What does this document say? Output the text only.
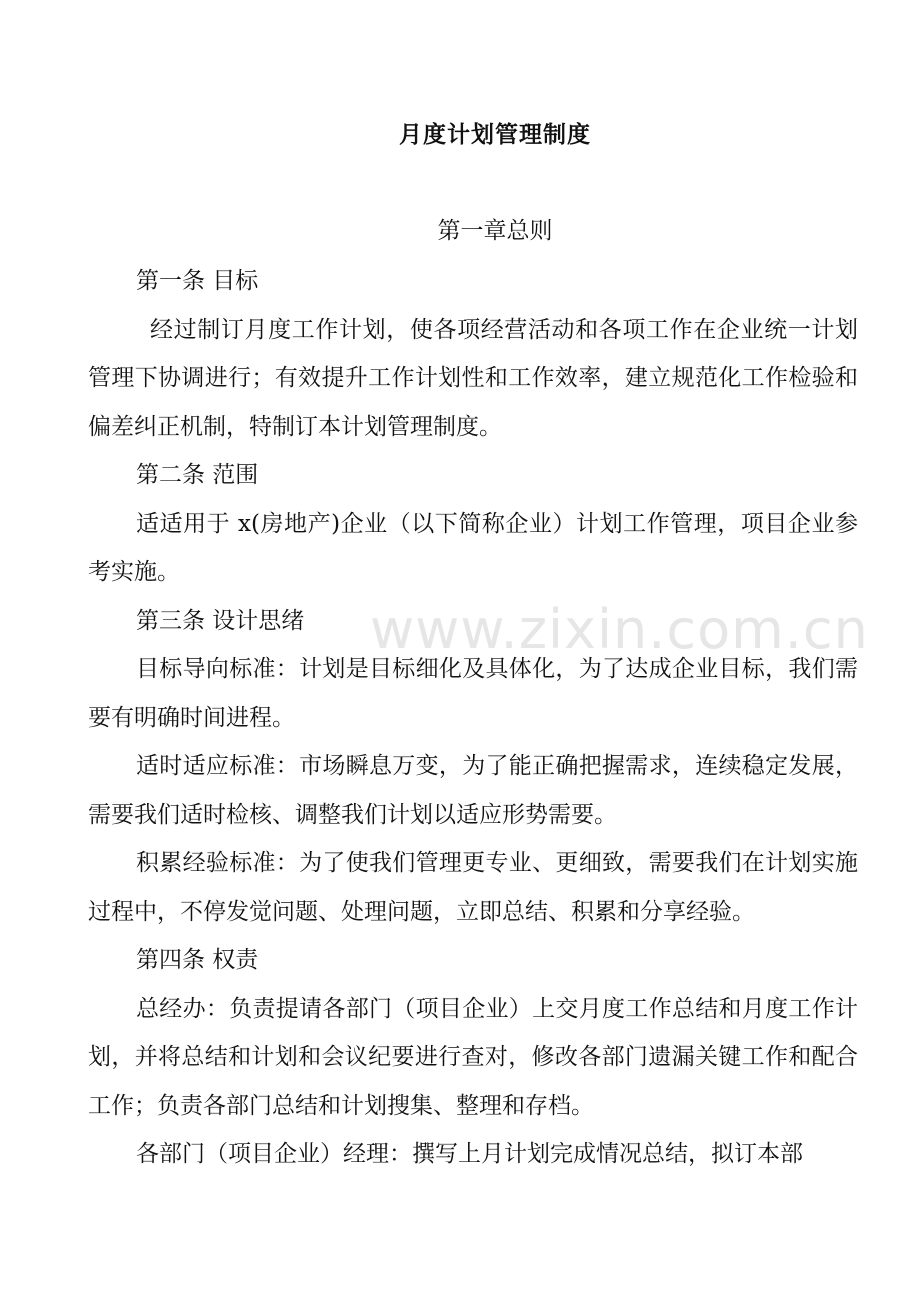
www.zixin.com.cn
月度计划管理制度
第一章总则

第一条 目标

经过制订月度工作计划，使各项经营活动和各项工作在企业统一计划管理下协调进行；有效提升工作计划性和工作效率，建立规范化工作检验和偏差纠正机制，特制订本计划管理制度。

第二条 范围

适适用于 x(房地产)企业（以下简称企业）计划工作管理，项目企业参考实施。

第三条 设计思绪

目标导向标准：计划是目标细化及具体化，为了达成企业目标，我们需要有明确时间进程。

适时适应标准：市场瞬息万变，为了能正确把握需求，连续稳定发展，需要我们适时检核、调整我们计划以适应形势需要。

积累经验标准：为了使我们管理更专业、更细致，需要我们在计划实施过程中，不停发觉问题、处理问题，立即总结、积累和分享经验。

第四条 权责

总经办：负责提请各部门（项目企业）上交月度工作总结和月度工作计划，并将总结和计划和会议纪要进行查对，修改各部门遗漏关键工作和配合工作；负责各部门总结和计划搜集、整理和存档。

各部门（项目企业）经理：撰写上月计划完成情况总结，拟订本部
